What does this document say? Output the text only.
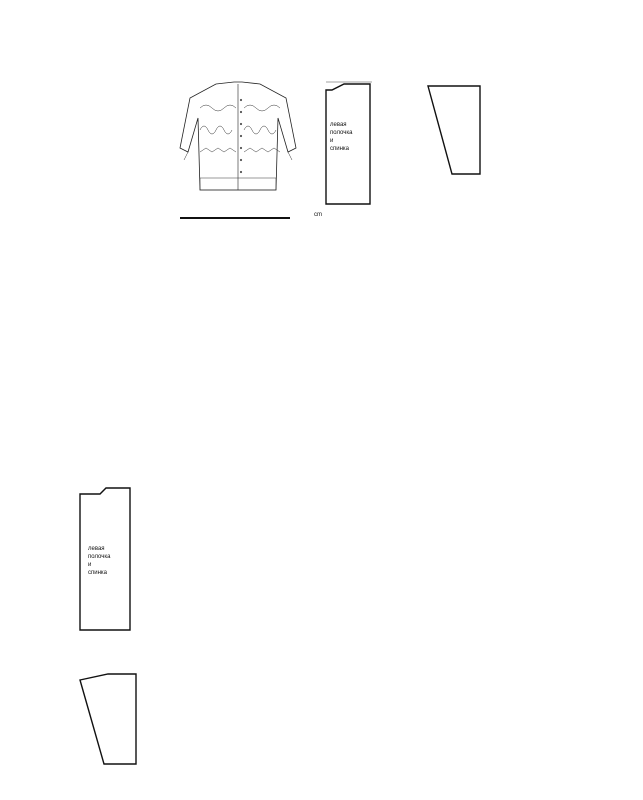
левая
полочка
и
спинка
cm
левая
полочка
и
спинка
